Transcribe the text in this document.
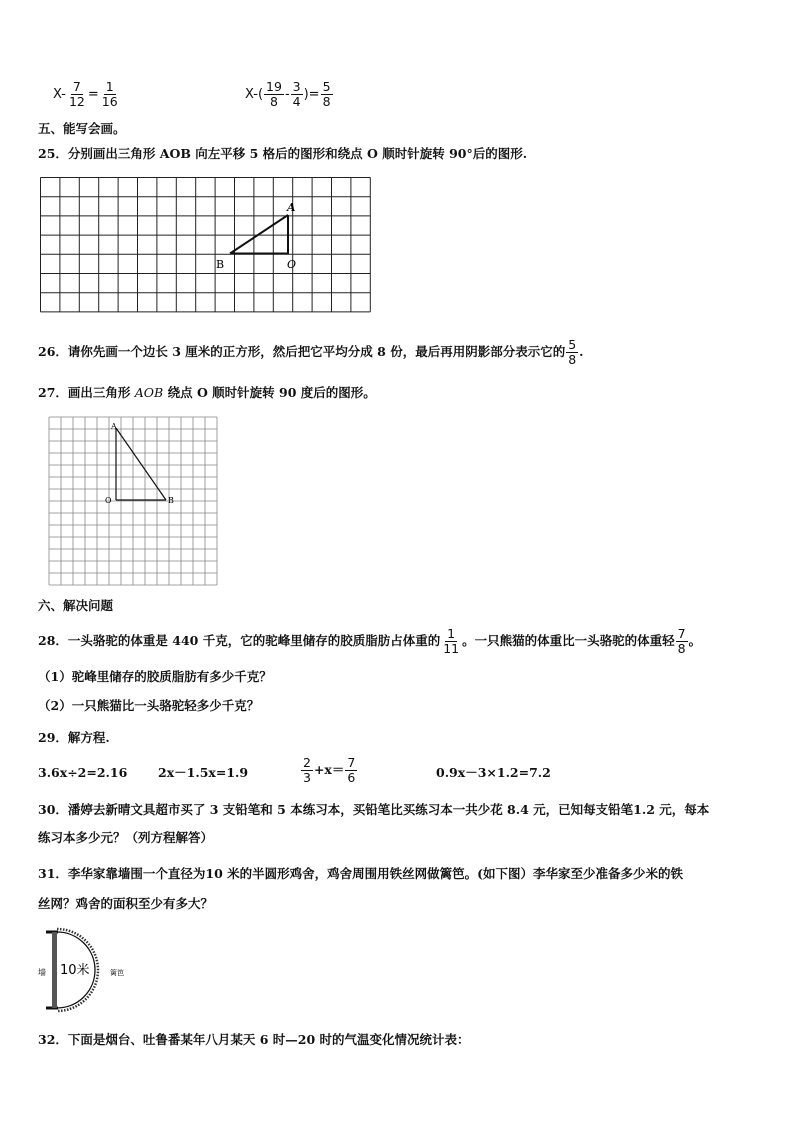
$X- \frac{7}{12} = \frac{1}{16}$	$X-( \frac{19}{8} - \frac{3}{4}$ )= $\frac{5}{8}$
五、能写会画。
25．分别画出三角形 AOB 向左平移 5 格后的图形和绕点 O 顺时针旋转 90°后的图形.
A
B	O
26．请你先画一个边长 3 厘米的正方形，然后把它平均分成 8 份，最后再用阴影部分表示它的 $\frac{5}{8}$ .
27．画出三角形 AOB 绕点 O 顺时针旋转 90 度后的图形。
A
O	B
六、解决问题
28．一头骆驼的体重是 440 千克，它的驼峰里储存的胶质脂肪占体重的 $\frac{1}{11}$ 。一只熊猫的体重比一头骆驼的体重轻 $\frac{7}{8}$ 。
（1）驼峰里储存的胶质脂肪有多少千克？
（2）一只熊猫比一头骆驼轻多少千克？
29．解方程.
3.6x÷2=2.16 2x－1.5x=1.9	$\frac{2}{3} +x= \frac{7}{6}$	0.9x－3×1.2=7.2
30．潘婷去新晴文具超市买了 3 支铅笔和 5 本练习本，买铅笔比买练习本一共少花 8.4 元，已知每支铅笔1.2 元，每本
练习本多少元？（列方程解答）
31．李华家靠墙围一个直径为10 米的半圆形鸡舍，鸡舍周围用铁丝网做篱笆。(如下图）李华家至少准备多少米的铁
丝网？鸡舍的面积至少有多大？
墙 10米	篱笆
32．下面是烟台、吐鲁番某年八月某天 6 时—20 时的气温变化情况统计表：
